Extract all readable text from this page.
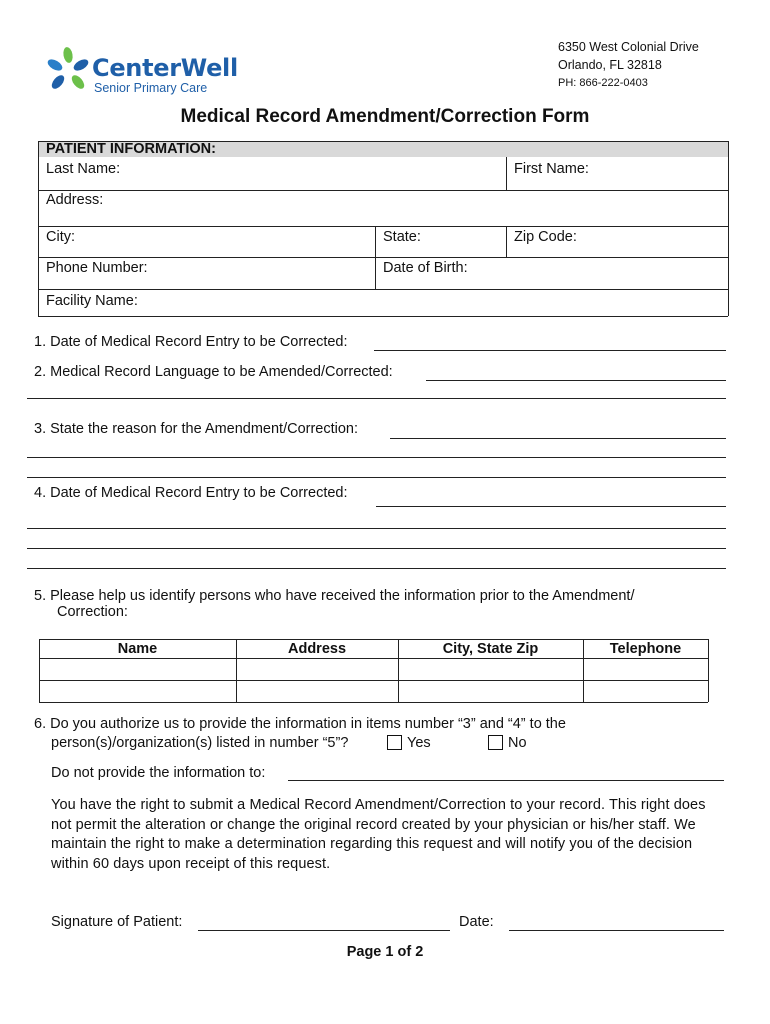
CenterWell
Senior Primary Care
6350 West Colonial Drive
Orlando, FL 32818
PH: 866-222-0403
Medical Record Amendment/Correction Form
PATIENT INFORMATION:
Last Name:	First Name:
Address:
City:	State:	Zip Code:
Phone Number:	Date of Birth:
Facility Name:
1. Date of Medical Record Entry to be Corrected:
2. Medical Record Language to be Amended/Corrected:
3. State the reason for the Amendment/Correction:
4. Date of Medical Record Entry to be Corrected:
5. Please help us identify persons who have received the information prior to the Amendment/
Correction:
Name	Address	City, State Zip	Telephone
6. Do you authorize us to provide the information in items number “3” and “4” to the
person(s)/organization(s) listed in number “5”?	Yes	No
Do not provide the information to:
You have the right to submit a Medical Record Amendment/Correction to your record. This right does
not permit the alteration or change the original record created by your physician or his/her staff. We
maintain the right to make a determination regarding this request and will notify you of the decision
within 60 days upon receipt of this request.
Signature of Patient:	Date:
Page 1 of 2
